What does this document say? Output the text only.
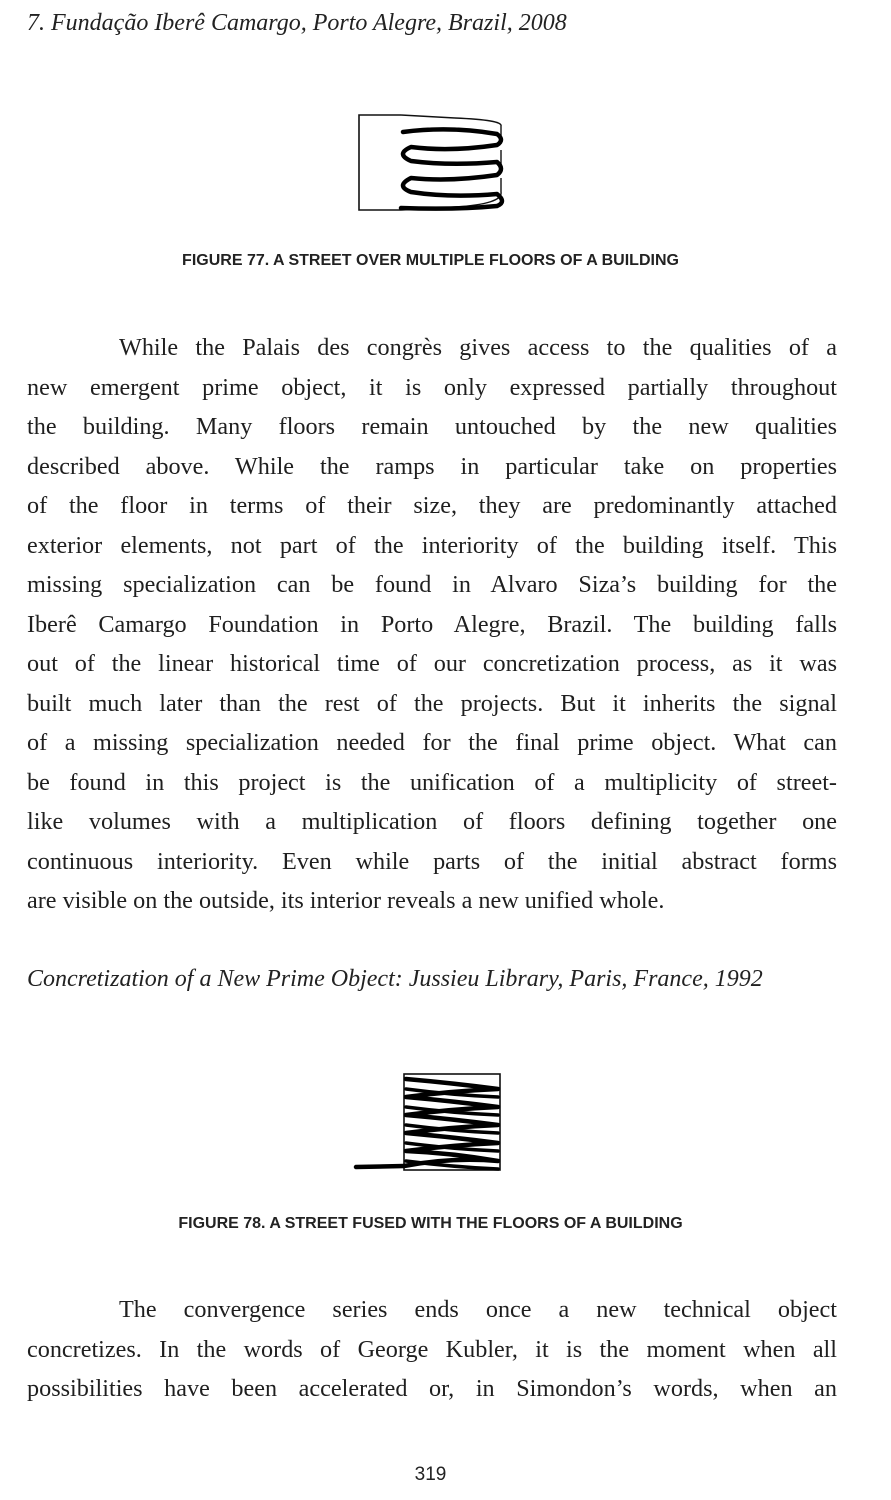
7. Fundação Iberê Camargo, Porto Alegre, Brazil, 2008
FIGURE 77. A STREET OVER MULTIPLE FLOORS OF A BUILDING
While the Palais des congrès gives access to the qualities of a
new emergent prime object, it is only expressed partially throughout
the building. Many floors remain untouched by the new qualities
described above. While the ramps in particular take on properties
of the floor in terms of their size, they are predominantly attached
exterior elements, not part of the interiority of the building itself. This
missing specialization can be found in Alvaro Siza’s building for the
Iberê Camargo Foundation in Porto Alegre, Brazil. The building falls
out of the linear historical time of our concretization process, as it was
built much later than the rest of the projects. But it inherits the signal
of a missing specialization needed for the final prime object. What can
be found in this project is the unification of a multiplicity of street-
like volumes with a multiplication of floors defining together one
continuous interiority. Even while parts of the initial abstract forms
are visible on the outside, its interior reveals a new unified whole.
Concretization of a New Prime Object: Jussieu Library, Paris, France, 1992
FIGURE 78. A STREET FUSED WITH THE FLOORS OF A BUILDING
The convergence series ends once a new technical object
concretizes. In the words of George Kubler, it is the moment when all
possibilities have been accelerated or, in Simondon’s words, when an
319
